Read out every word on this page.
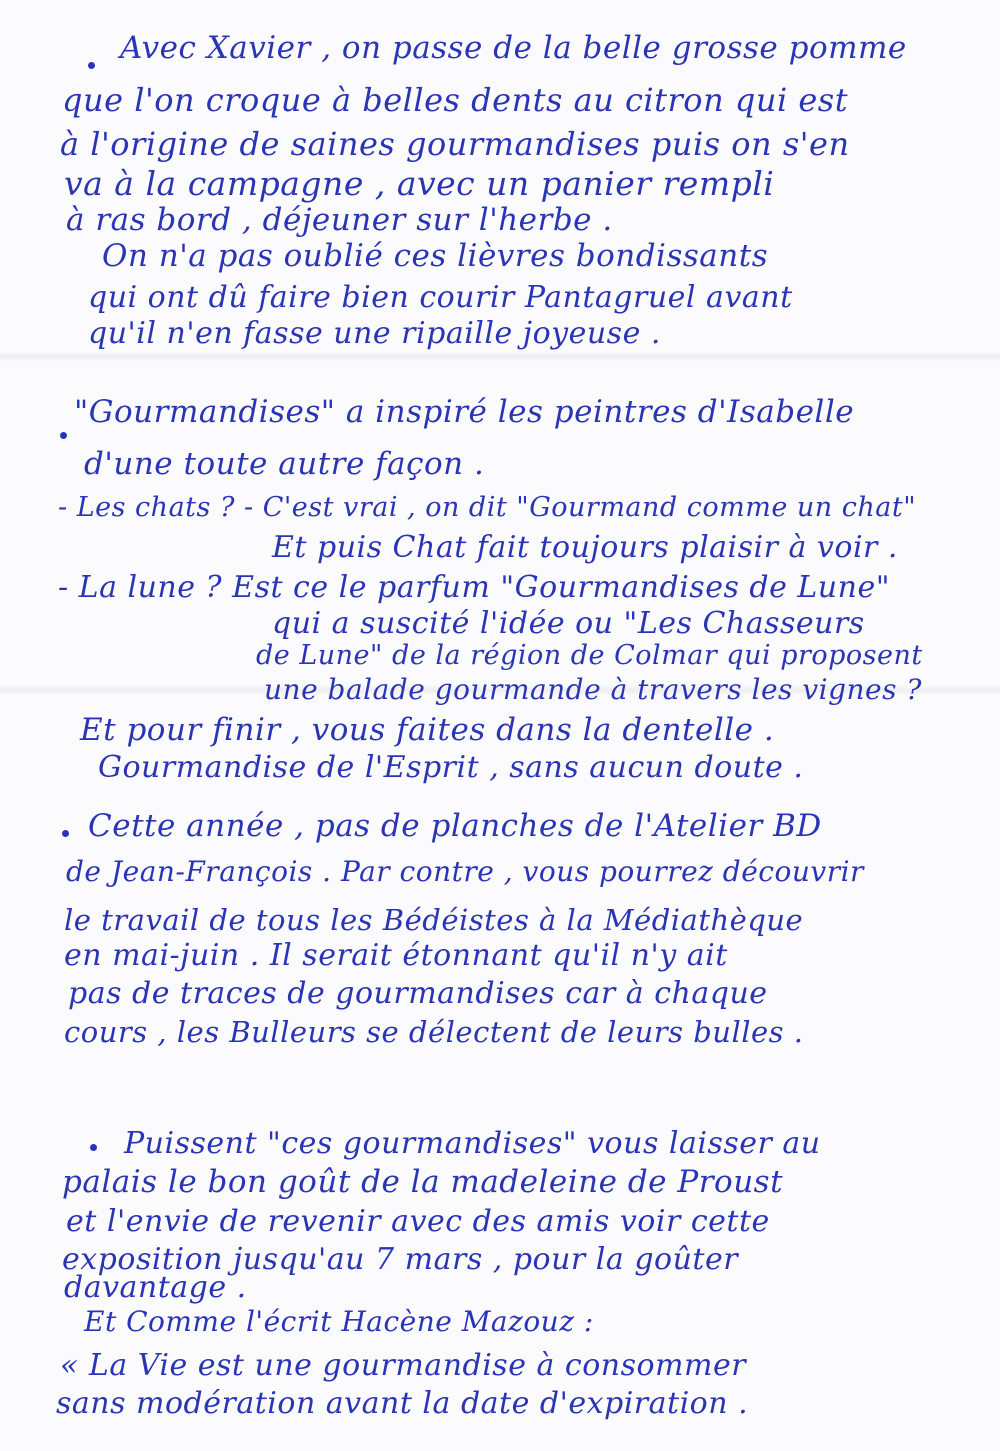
Avec Xavier , on passe de la belle grosse pomme
que l'on croque à belles dents au citron qui est
à l'origine de saines gourmandises puis on s'en
va à la campagne , avec un panier rempli
à ras bord , déjeuner sur l'herbe .
On n'a pas oublié ces lièvres bondissants
qui ont dû faire bien courir Pantagruel avant
qu'il n'en fasse une ripaille joyeuse .
"Gourmandises" a inspiré les peintres d'Isabelle
d'une toute autre façon .
- Les chats ? - C'est vrai , on dit "Gourmand comme un chat"
Et puis Chat fait toujours plaisir à voir .
- La lune ? Est ce le parfum "Gourmandises de Lune"
qui a suscité l'idée ou "Les Chasseurs
de Lune" de la région de Colmar qui proposent
une balade gourmande à travers les vignes ?
Et pour finir , vous faites dans la dentelle .
Gourmandise de l'Esprit , sans aucun doute .
Cette année , pas de planches de l'Atelier BD
de Jean-François . Par contre , vous pourrez découvrir
le travail de tous les Bédéistes à la Médiathèque
en mai-juin . Il serait étonnant qu'il n'y ait
pas de traces de gourmandises car à chaque
cours , les Bulleurs se délectent de leurs bulles .
Puissent "ces gourmandises" vous laisser au
palais le bon goût de la madeleine de Proust
et l'envie de revenir avec des amis voir cette
exposition jusqu'au 7 mars , pour la goûter
davantage .
Et Comme l'écrit Hacène Mazouz :
« La Vie est une gourmandise à consommer
sans modération avant la date d'expiration .
